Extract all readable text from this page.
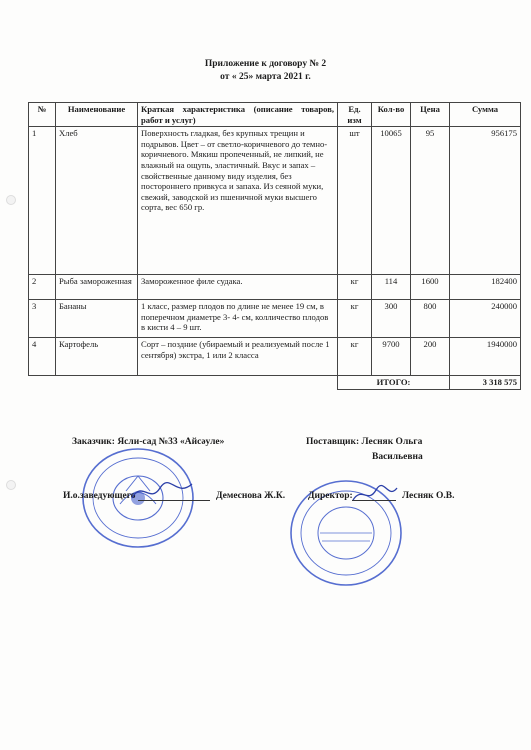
Приложение к договору № 2
от « 25» марта 2021 г.
№	Наименование	Краткая характеристика (описание товаров, работ и услуг)	Ед. изм	Кол-во	Цена	Сумма
1	Хлеб	Поверхность гладкая, без крупных трещин и подрывов. Цвет – от светло-коричневого до темно-коричневого. Мякиш пропеченный, не липкий, не влажный на ощупь, эластичный. Вкус и запах – свойственные данному виду изделия, без постороннего привкуса и запаха. Из сеяной муки, свежий, заводской из пшеничной муки высшего сорта, вес 650 гр.	шт	10065	95	956175
2	Рыба замороженная	Замороженное филе судака.	кг	114	1600	182400
3	Бананы	1 класс, размер плодов по длине не менее 19 см, в поперечном диаметре 3- 4- см, колличество плодов в кисти 4 – 9 шт.	кг	300	800	240000
4	Картофель	Сорт – поздние (убираемый и реализуемый после 1 сентября) экстра, 1 или 2 класса	кг	9700	200	1940000
			ИТОГО:			3 318 575
Заказчик: Ясли-сад №33 «Айсәуле»	Поставщик: Лесняк Ольга
Васильевна
И.о.заведующего	Демеснова Ж.К. Директор:	Лесняк О.В.
